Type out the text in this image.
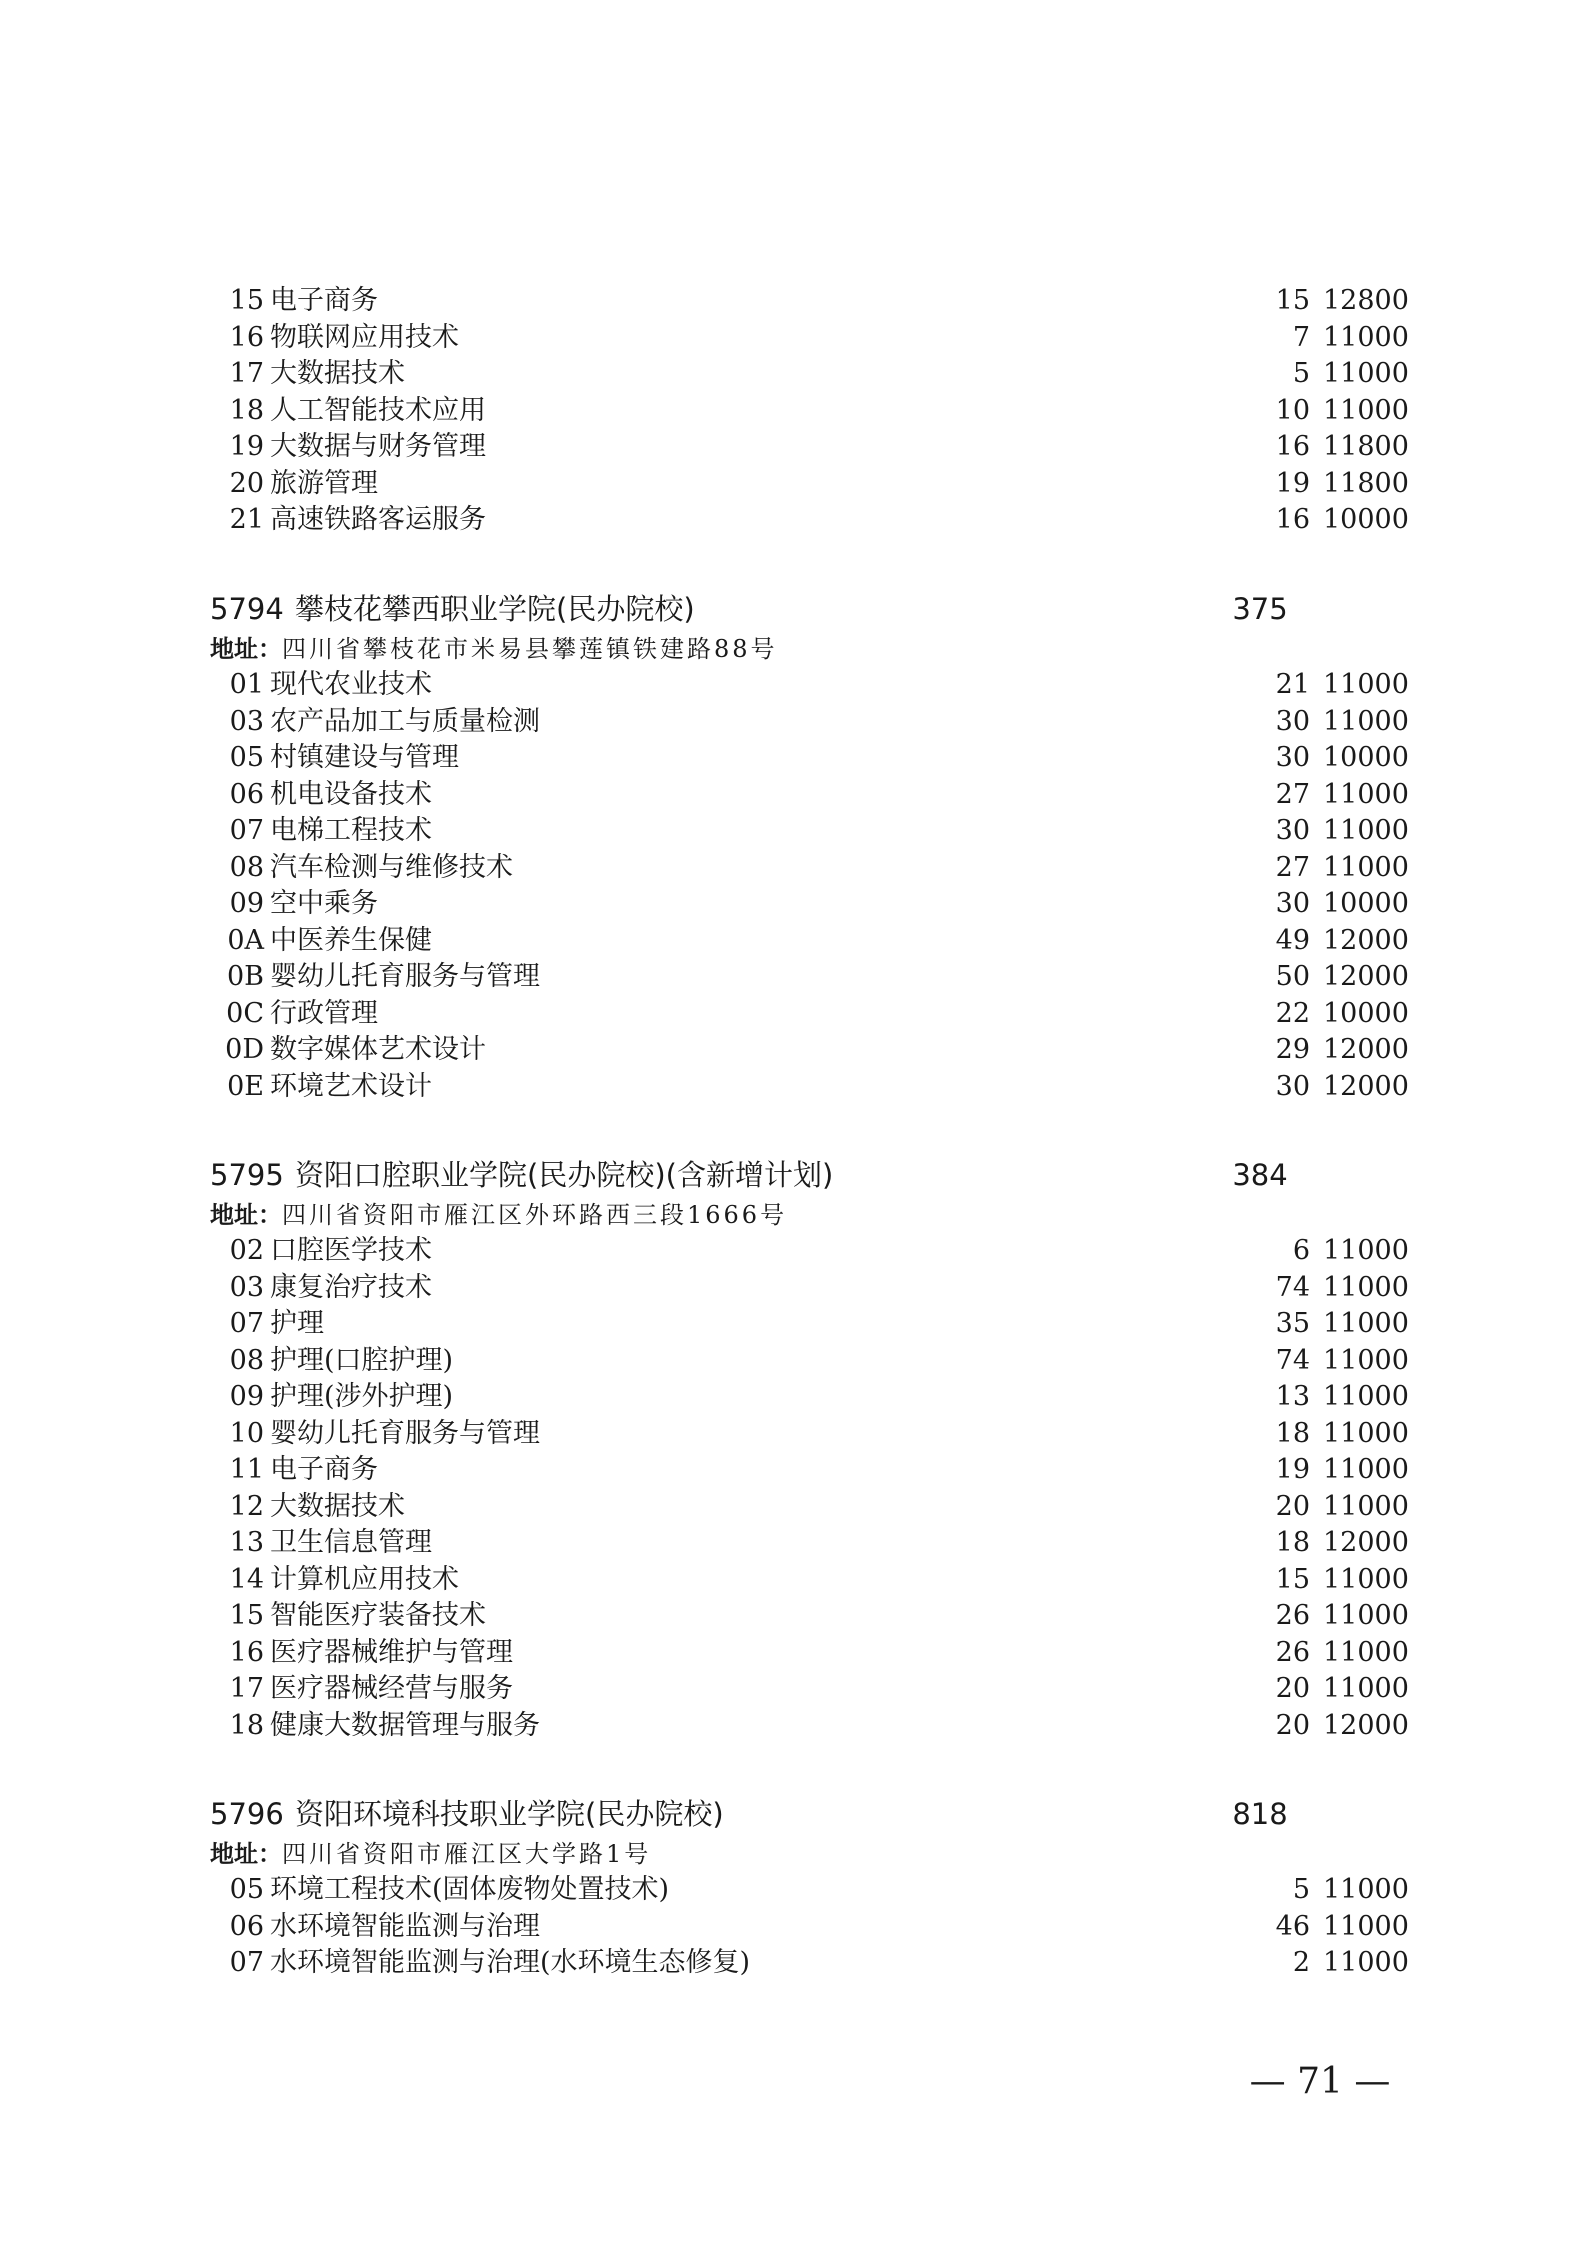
15 电子商务	15 12800
16 物联网应用技术	7 11000
17 大数据技术	5 11000
18 人工智能技术应用	10 11000
19 大数据与财务管理	16 11800
20 旅游管理	19 11800
21 高速铁路客运服务	16 10000
5794 攀枝花攀西职业学院(民办院校)	375
地址：四川省攀枝花市米易县攀莲镇铁建路88号
01 现代农业技术	21 11000
03 农产品加工与质量检测	30 11000
05 村镇建设与管理	30 10000
06 机电设备技术	27 11000
07 电梯工程技术	30 11000
08 汽车检测与维修技术	27 11000
09 空中乘务	30 10000
0A 中医养生保健	49 12000
0B 婴幼儿托育服务与管理	50 12000
0C 行政管理	22 10000
0D 数字媒体艺术设计	29 12000
0E 环境艺术设计	30 12000
5795 资阳口腔职业学院(民办院校)(含新增计划)	384
地址：四川省资阳市雁江区外环路西三段1666号
02 口腔医学技术	6 11000
03 康复治疗技术	74 11000
07 护理	35 11000
08 护理(口腔护理)	74 11000
09 护理(涉外护理)	13 11000
10 婴幼儿托育服务与管理	18 11000
11 电子商务	19 11000
12 大数据技术	20 11000
13 卫生信息管理	18 12000
14 计算机应用技术	15 11000
15 智能医疗装备技术	26 11000
16 医疗器械维护与管理	26 11000
17 医疗器械经营与服务	20 11000
18 健康大数据管理与服务	20 12000
5796 资阳环境科技职业学院(民办院校)	818
地址：四川省资阳市雁江区大学路1号
05 环境工程技术(固体废物处置技术)	5 11000
06 水环境智能监测与治理	46 11000
07 水环境智能监测与治理(水环境生态修复)	2 11000
— 71 —
